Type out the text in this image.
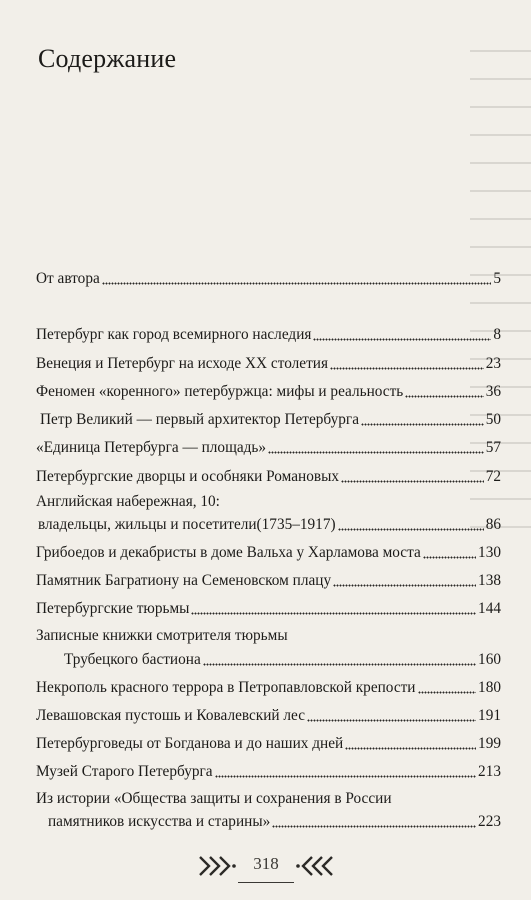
Содержание
От автора	5
Петербург как город всемирного наследия	8
Венеция и Петербург на исходе ХХ столетия	23
Феномен «коренного» петербуржца: мифы и реальность	36
Петр Великий — первый архитектор Петербурга	50
«Единица Петербурга — площадь»	57
Петербургские дворцы и особняки Романовых	72
Английская набережная, 10:
владельцы, жильцы и посетители(1735–1917)	86
Грибоедов и декабристы в доме Вальха у Харламова моста	130
Памятник Багратиону на Семеновском плацу	138
Петербургские тюрьмы	144
Записные книжки смотрителя тюрьмы
Трубецкого бастиона	160
Некрополь красного террора в Петропавловской крепости	180
Левашовская пустошь и Ковалевский лес	191
Петербурговеды от Богданова и до наших дней	199
Музей Старого Петербурга	213
Из истории «Общества защиты и сохранения в России
памятников искусства и старины»	223
318
